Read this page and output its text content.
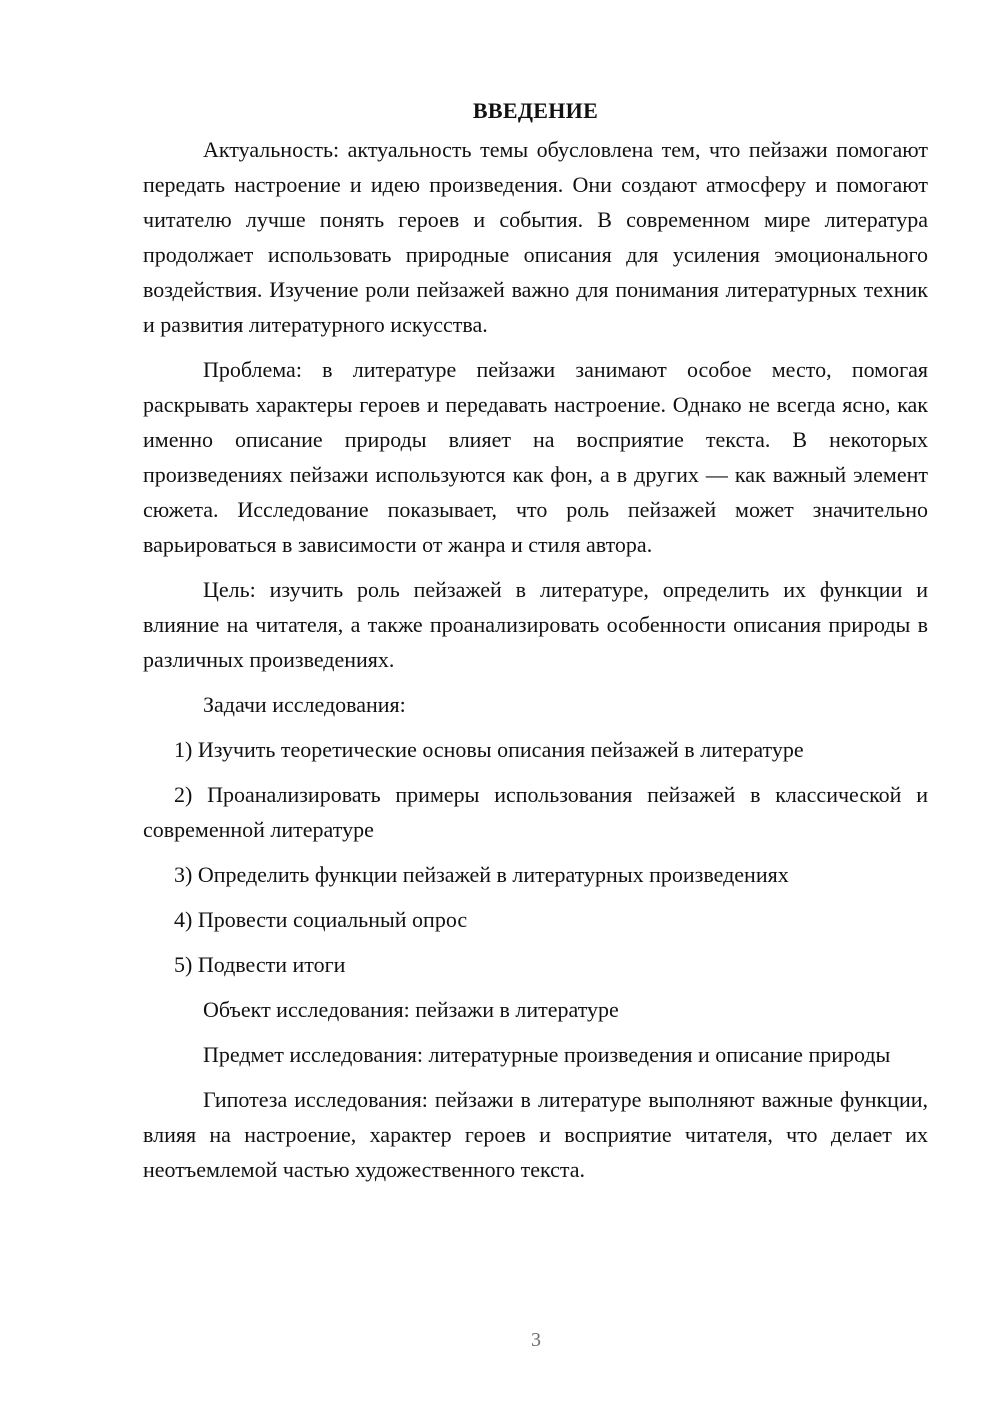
ВВЕДЕНИЕ

Актуальность: актуальность темы обусловлена тем, что пейзажи помогают передать настроение и идею произведения. Они создают атмосферу и помогают читателю лучше понять героев и события. В современном мире литература продолжает использовать природные описания для усиления эмоционального воздействия. Изучение роли пейзажей важно для понимания литературных техник и развития литературного искусства.

Проблема: в литературе пейзажи занимают особое место, помогая раскрывать характеры героев и передавать настроение. Однако не всегда ясно, как именно описание природы влияет на восприятие текста. В некоторых произведениях пейзажи используются как фон, а в других — как важный элемент сюжета. Исследование показывает, что роль пейзажей может значительно варьироваться в зависимости от жанра и стиля автора.

Цель: изучить роль пейзажей в литературе, определить их функции и влияние на читателя, а также проанализировать особенности описания природы в различных произведениях.

Задачи исследования:

1) Изучить теоретические основы описания пейзажей в литературе

2) Проанализировать примеры использования пейзажей в классической и современной литературе

3) Определить функции пейзажей в литературных произведениях

4) Провести социальный опрос

5) Подвести итоги

Объект исследования: пейзажи в литературе

Предмет исследования: литературные произведения и описание природы

Гипотеза исследования: пейзажи в литературе выполняют важные функции, влияя на настроение, характер героев и восприятие читателя, что делает их неотъемлемой частью художественного текста.

3
